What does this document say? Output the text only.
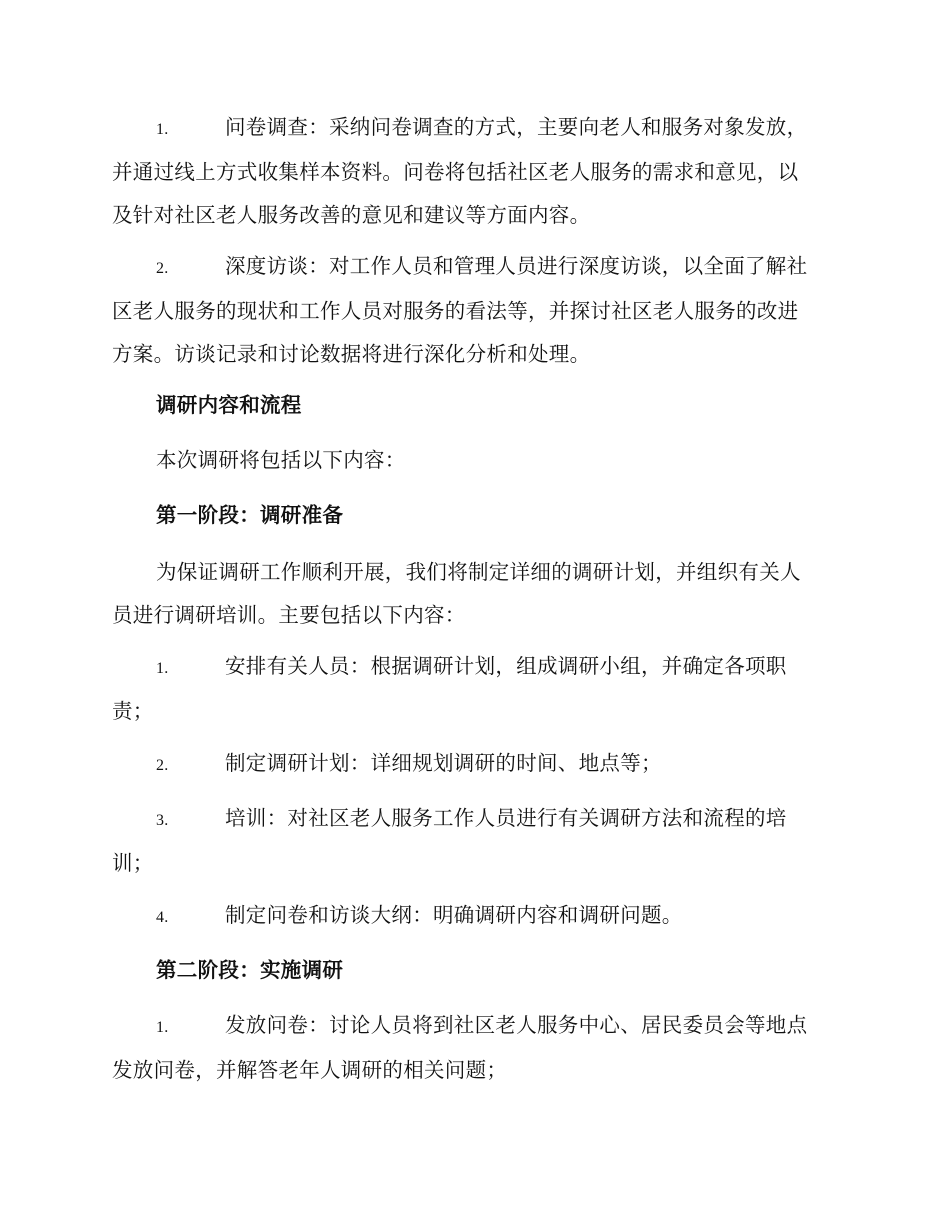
1.	问卷调查：采纳问卷调查的方式，主要向老人和服务对象发放，
并通过线上方式收集样本资料。问卷将包括社区老人服务的需求和意见，以
及针对社区老人服务改善的意见和建议等方面内容。
2.	深度访谈：对工作人员和管理人员进行深度访谈，以全面了解社
区老人服务的现状和工作人员对服务的看法等，并探讨社区老人服务的改进
方案。访谈记录和讨论数据将进行深化分析和处理。

调研内容和流程

本次调研将包括以下内容：

第一阶段：调研准备

为保证调研工作顺利开展，我们将制定详细的调研计划，并组织有关人
员进行调研培训。主要包括以下内容：
1.	安排有关人员：根据调研计划，组成调研小组，并确定各项职
责；
2.	制定调研计划：详细规划调研的时间、地点等；
3.	培训：对社区老人服务工作人员进行有关调研方法和流程的培
训；
4.	制定问卷和访谈大纲：明确调研内容和调研问题。

第二阶段：实施调研

1.	发放问卷：讨论人员将到社区老人服务中心、居民委员会等地点
发放问卷，并解答老年人调研的相关问题；
